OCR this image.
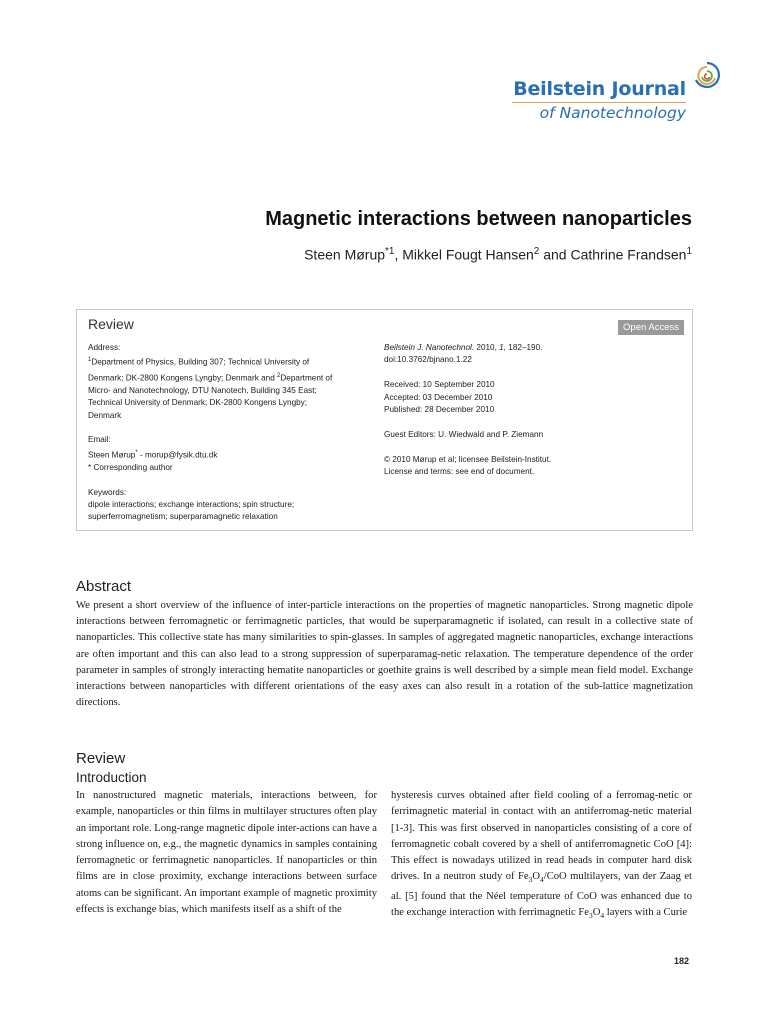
Beilstein Journal
of Nanotechnology
Magnetic interactions between nanoparticles
Steen Mørup$^{*1}$, Mikkel Fougt Hansen$^2$ and Cathrine Frandsen$^1$
Review	Open Access
Address:
$^1$Department of Physics, Building 307; Technical University of
Denmark; DK-2800 Kongens Lyngby; Denmark and $^2$Department of
Micro- and Nanotechnology, DTU Nanotech, Building 345 East;
Technical University of Denmark; DK-2800 Kongens Lyngby;
Denmark
Email:
Steen Mørup* - morup@fysik.dtu.dk
* Corresponding author
Keywords:
dipole interactions; exchange interactions; spin structure;
superferromagnetism; superparamagnetic relaxation
Beilstein J. Nanotechnol. 2010, 1, 182–190.
doi:10.3762/bjnano.1.22
Received: 10 September 2010
Accepted: 03 December 2010
Published: 28 December 2010
Guest Editors: U. Wiedwald and P. Ziemann
© 2010 Mørup et al; licensee Beilstein-Institut.
License and terms: see end of document.
Abstract
We present a short overview of the influence of inter-particle interactions on the properties of magnetic nanoparticles. Strong magnetic dipole interactions between ferromagnetic or ferrimagnetic particles, that would be superparamagnetic if isolated, can result in a collective state of nanoparticles. This collective state has many similarities to spin-glasses. In samples of aggregated magnetic nanoparticles, exchange interactions are often important and this can also lead to a strong suppression of superparamag-netic relaxation. The temperature dependence of the order parameter in samples of strongly interacting hematite nanoparticles or goethite grains is well described by a simple mean field model. Exchange interactions between nanoparticles with different orientations of the easy axes can also result in a rotation of the sub-lattice magnetization directions.
Review
Introduction
In nanostructured magnetic materials, interactions between, for example, nanoparticles or thin films in multilayer structures often play an important role. Long-range magnetic dipole inter-actions can have a strong influence on, e.g., the magnetic dynamics in samples containing ferromagnetic or ferrimagnetic nanoparticles. If nanoparticles or thin films are in close proximity, exchange interactions between surface atoms can be significant. An important example of magnetic proximity effects is exchange bias, which manifests itself as a shift of the
hysteresis curves obtained after field cooling of a ferromag-netic or ferrimagnetic material in contact with an antiferromag-netic material [1-3]. This was first observed in nanoparticles consisting of a core of ferromagnetic cobalt covered by a shell of antiferromagnetic CoO [4]: This effect is nowadays utilized in read heads in computer hard disk drives. In a neutron study of $Fe_3O_4$/CoO multilayers, van der Zaag et al. [5] found that the Néel temperature of CoO was enhanced due to the exchange interaction with ferrimagnetic $Fe_3O_4$ layers with a Curie
182
